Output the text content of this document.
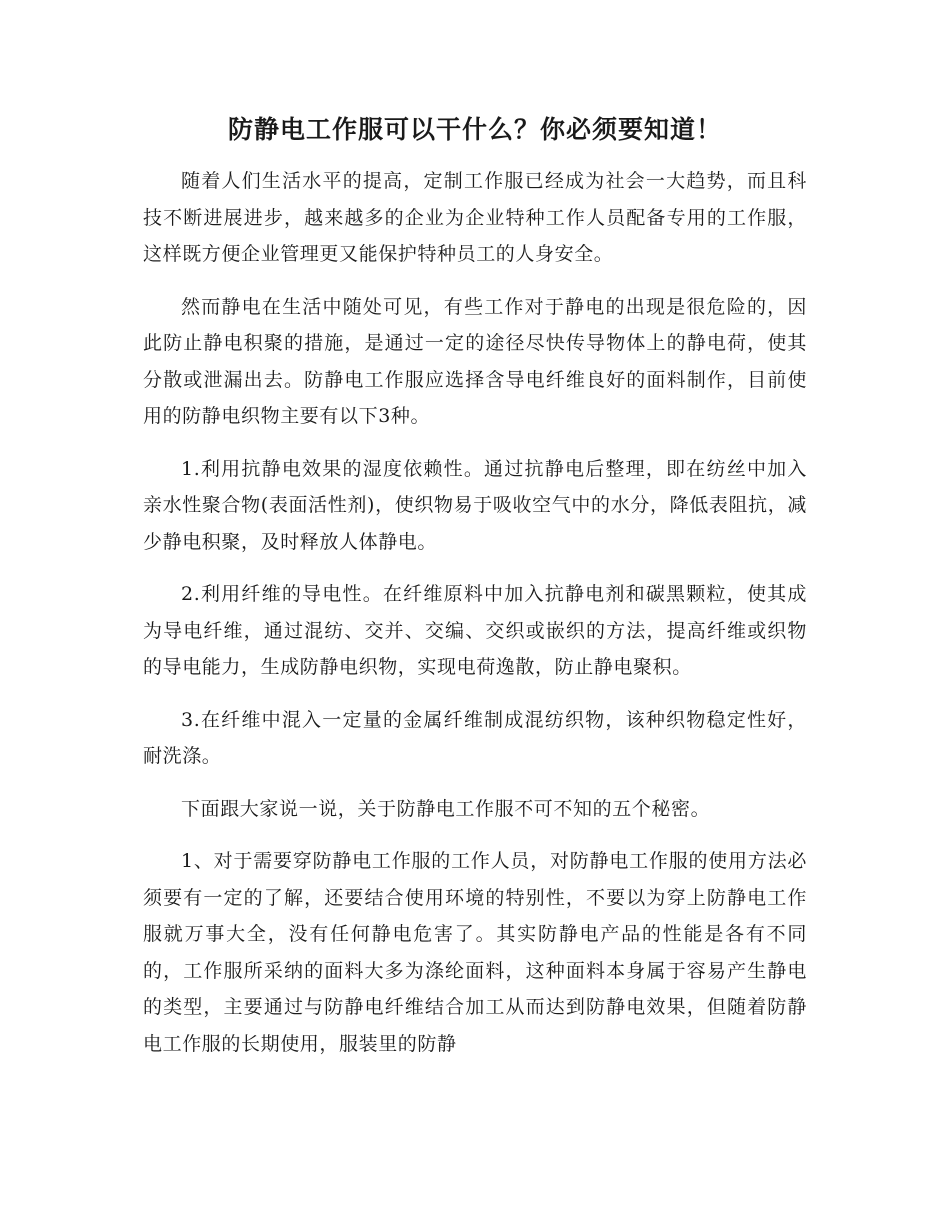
防静电工作服可以干什么？你必须要知道！

随着人们生活水平的提高，定制工作服已经成为社会一大趋势，而且科技不断进展进步，越来越多的企业为企业特种工作人员配备专用的工作服，这样既方便企业管理更又能保护特种员工的人身安全。

然而静电在生活中随处可见，有些工作对于静电的出现是很危险的，因此防止静电积聚的措施，是通过一定的途径尽快传导物体上的静电荷，使其分散或泄漏出去。防静电工作服应选择含导电纤维良好的面料制作，目前使用的防静电织物主要有以下3种。

1.利用抗静电效果的湿度依赖性。通过抗静电后整理，即在纺丝中加入亲水性聚合物(表面活性剂)，使织物易于吸收空气中的水分，降低表阻抗，减少静电积聚，及时释放人体静电。

2.利用纤维的导电性。在纤维原料中加入抗静电剂和碳黑颗粒，使其成为导电纤维，通过混纺、交并、交编、交织或嵌织的方法，提高纤维或织物的导电能力，生成防静电织物，实现电荷逸散，防止静电聚积。

3.在纤维中混入一定量的金属纤维制成混纺织物，该种织物稳定性好，耐洗涤。

下面跟大家说一说，关于防静电工作服不可不知的五个秘密。

1、对于需要穿防静电工作服的工作人员，对防静电工作服的使用方法必须要有一定的了解，还要结合使用环境的特别性，不要以为穿上防静电工作服就万事大全，没有任何静电危害了。其实防静电产品的性能是各有不同的，工作服所采纳的面料大多为涤纶面料，这种面料本身属于容易产生静电的类型，主要通过与防静电纤维结合加工从而达到防静电效果，但随着防静电工作服的长期使用，服装里的防静
